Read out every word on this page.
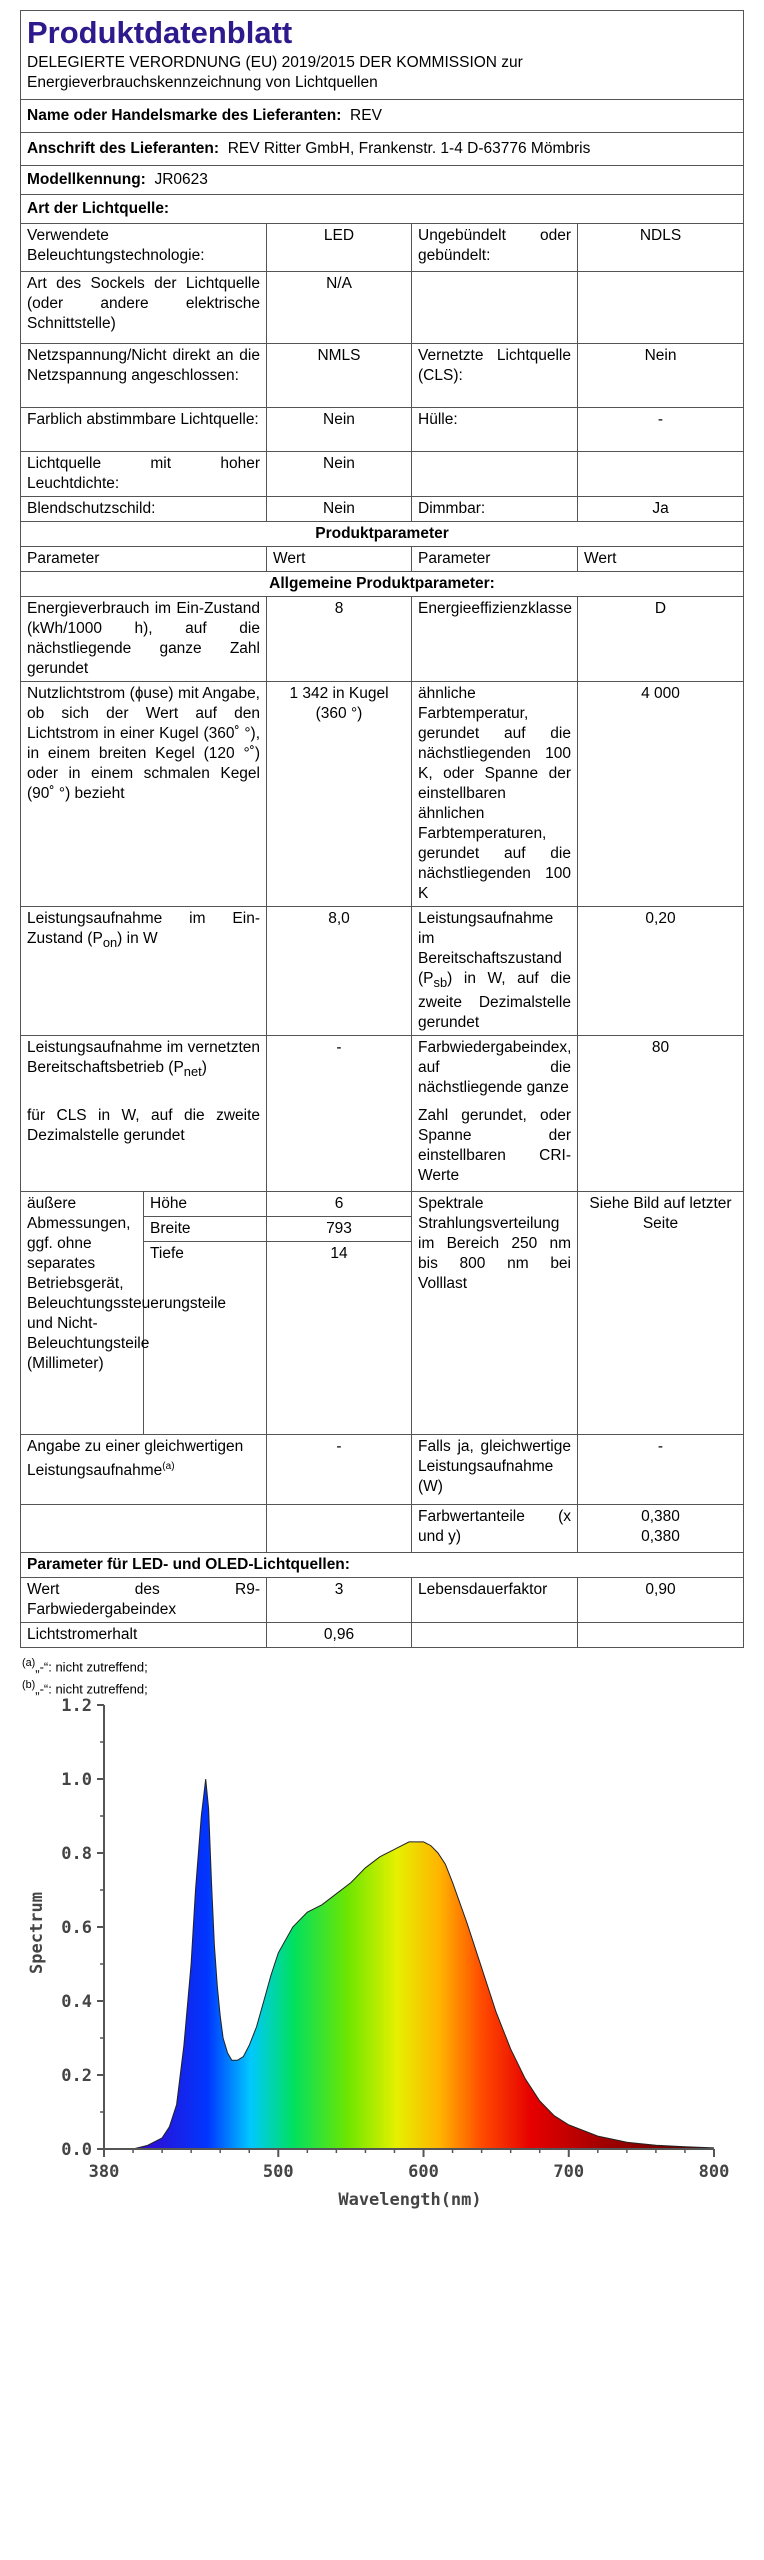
Produktdatenblatt
DELEGIERTE VERORDNUNG (EU) 2019/2015 DER KOMMISSION zur Energieverbrauchskennzeichnung von Lichtquellen				

Name oder Handelsmarke des Lieferanten: REV				
Anschrift des Lieferanten: REV Ritter GmbH, Frankenstr. 1-4 D-63776 Mömbris				
Modellkennung: JR0623				
Art der Lichtquelle:				
Verwendete Beleuchtungstechnologie:		LED	Ungebündelt oder gebündelt:	NDLS
Art des Sockels der Lichtquelle (oder andere elektrische Schnittstelle)		N/A		
Netzspannung/Nicht direkt an die Netzspannung angeschlossen:		NMLS	Vernetzte Lichtquelle (CLS):	Nein
Farblich abstimmbare Lichtquelle:		Nein	Hülle:	-
Lichtquelle mit hoher Leuchtdichte:		Nein		
Blendschutzschild:		Nein	Dimmbar:	Ja
Produktparameter				
Parameter		Wert	Parameter	Wert
Allgemeine Produktparameter:				
Energieverbrauch im Ein-Zustand (kWh/1000 h), auf die nächstliegende ganze Zahl gerundet		8	Energieeffizienzklasse	D
Nutzlichtstrom (ɸuse) mit Angabe, ob sich der Wert auf den Lichtstrom in einer Kugel (360˚ °), in einem breiten Kegel (120 °˚) oder in einem schmalen Kegel (90˚ °) bezieht		1 342 in Kugel (360 °)	ähnliche Farbtemperatur, gerundet auf die nächstliegenden 100 K, oder Spanne der einstellbaren ähnlichen Farbtemperaturen, gerundet auf die nächstliegenden 100 K	4 000
Leistungsaufnahme im Ein-Zustand $(P_{on})$ in W		8,0	Leistungsaufnahme im Bereitschaftszustand $(P_{sb})$ in W, auf die zweite Dezimalstelle gerundet	0,20
Leistungsaufnahme im vernetzten Bereitschaftsbetrieb $(P_{net})$		-	Farbwiedergabeindex, auf die nächstliegende ganze	80
für CLS in W, auf die zweite Dezimalstelle gerundet			Zahl gerundet, oder Spanne der einstellbaren CRI-Werte	
äußere Abmessungen, ggf. ohne separates Betriebsgerät, Beleuchtungssteuerungsteile und Nicht-Beleuchtungsteile (Millimeter)	Höhe	6	Spektrale Strahlungsverteilung im Bereich 250 nm bis 800 nm bei Volllast	Siehe Bild auf letzter Seite
	Breite	793		
	Tiefe	14		
Angabe zu einer gleichwertigen Leistungsaufnahme$^{(a)}$		-	Falls ja, gleichwertige Leistungsaufnahme (W)	-
			Farbwertanteile (x und y)	0,380
0,380

Parameter für LED- und OLED-Lichtquellen:				
Wert des R9-Farbwiedergabeindex		3	Lebensdauerfaktor	0,90
Lichtstromerhalt		0,96		
$^{(a)}$„-“: nicht zutreffend;
$^{(b)}$„-“: nicht zutreffend;
0.0
0.2
0.4
0.6
0.8
1.0
1.2
380	500	600	700	800
Spectrum
Wavelength(nm)
